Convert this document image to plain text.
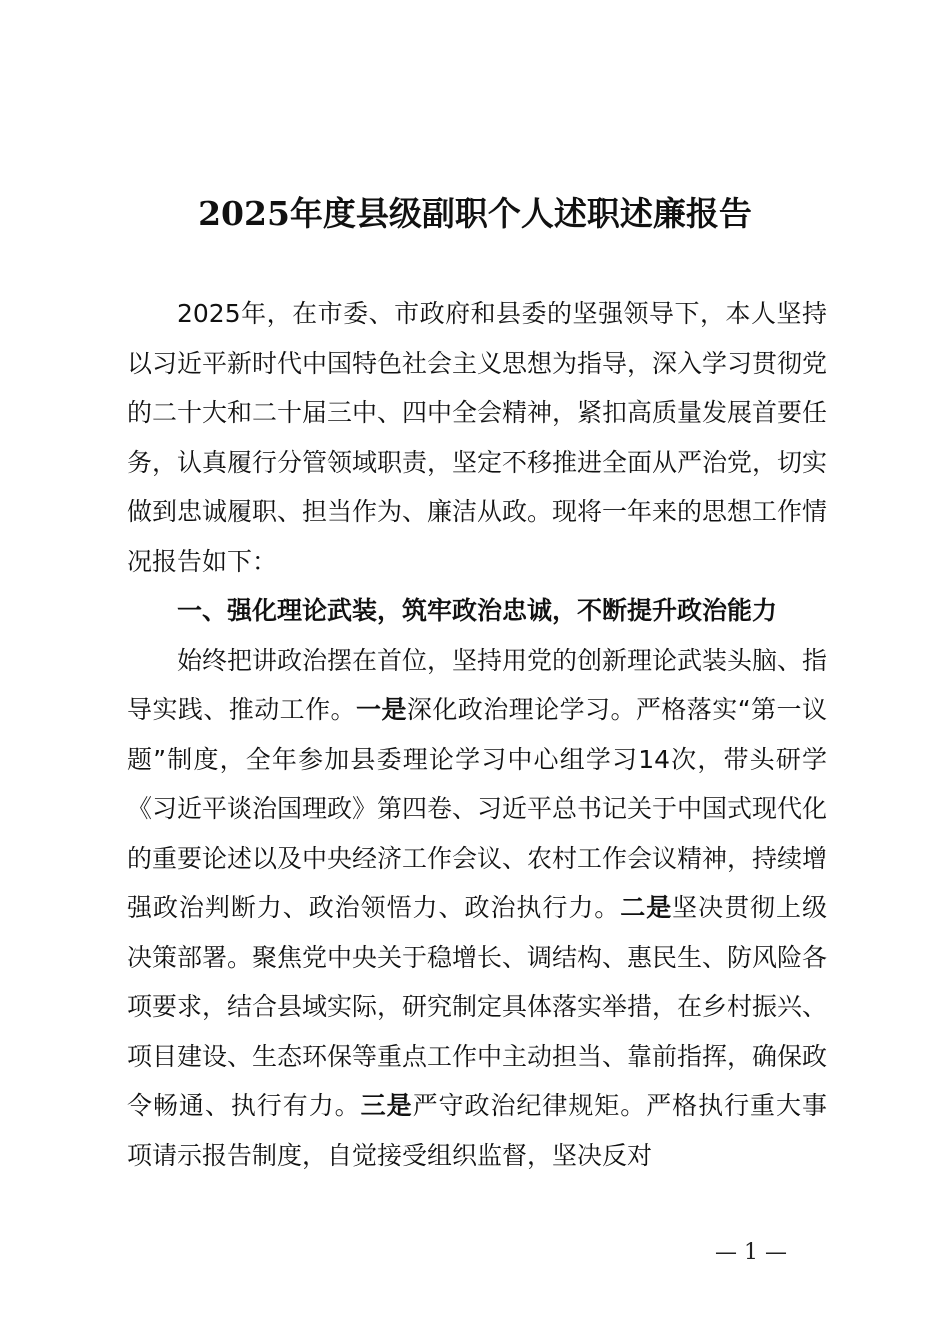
2025年度县级副职个人述职述廉报告

2025年，在市委、市政府和县委的坚强领导下，本人坚持以习近平新时代中国特色社会主义思想为指导，深入学习贯彻党的二十大和二十届三中、四中全会精神，紧扣高质量发展首要任务，认真履行分管领域职责，坚定不移推进全面从严治党，切实做到忠诚履职、担当作为、廉洁从政。现将一年来的思想工作情况报告如下：

一、强化理论武装，筑牢政治忠诚，不断提升政治能力

始终把讲政治摆在首位，坚持用党的创新理论武装头脑、指导实践、推动工作。一是深化政治理论学习。严格落实“第一议题”制度，全年参加县委理论学习中心组学习14次，带头研学《习近平谈治国理政》第四卷、习近平总书记关于中国式现代化的重要论述以及中央经济工作会议、农村工作会议精神，持续增强政治判断力、政治领悟力、政治执行力。二是坚决贯彻上级决策部署。聚焦党中央关于稳增长、调结构、惠民生、防风险各项要求，结合县域实际，研究制定具体落实举措，在乡村振兴、项目建设、生态环保等重点工作中主动担当、靠前指挥，确保政令畅通、执行有力。三是严守政治纪律规矩。严格执行重大事项请示报告制度，自觉接受组织监督，坚决反对

— 1 —
